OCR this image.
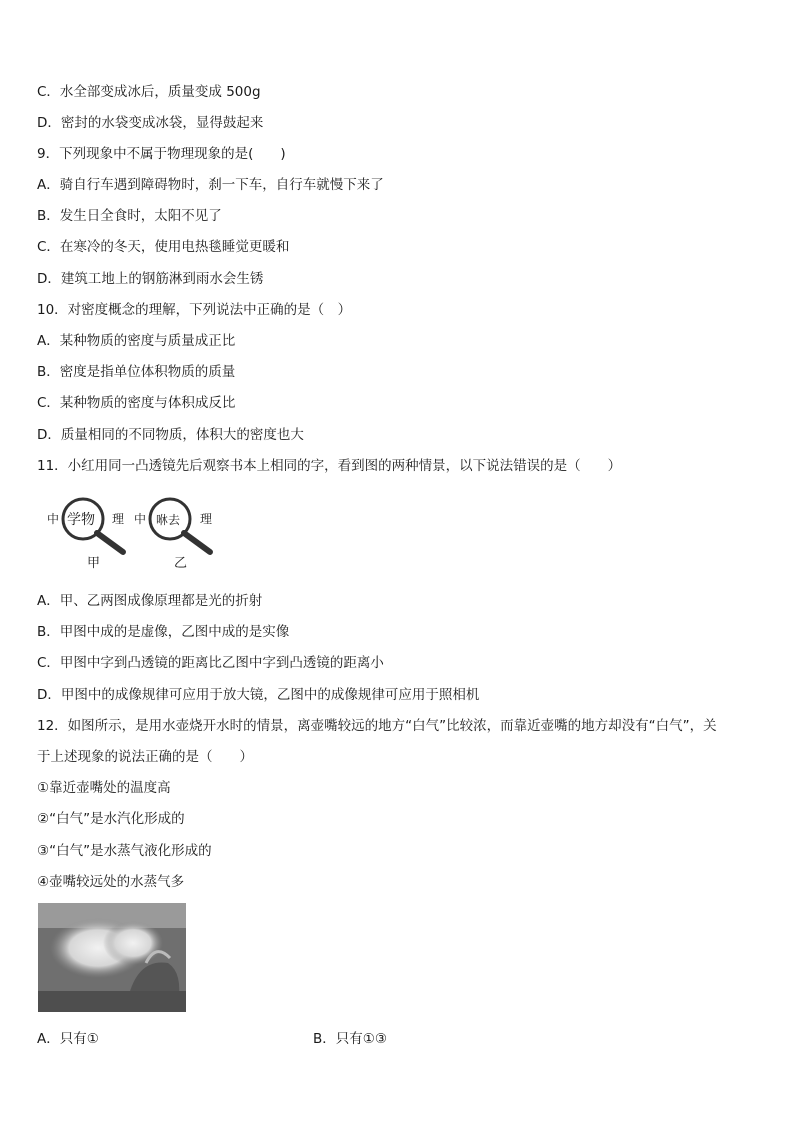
C．水全部变成冰后，质量变成 500g
D．密封的水袋变成冰袋，显得鼓起来
9．下列现象中不属于物理现象的是(　　)
A．骑自行车遇到障碍物时，刹一下车，自行车就慢下来了
B．发生日全食时，太阳不见了
C．在寒冷的冬天，使用电热毯睡觉更暖和
D．建筑工地上的钢筋淋到雨水会生锈
10．对密度概念的理解，下列说法中正确的是（　）
A．某种物质的密度与质量成正比
B．密度是指单位体积物质的质量
C．某种物质的密度与体积成反比
D．质量相同的不同物质，体积大的密度也大
11．小红用同一凸透镜先后观察书本上相同的字，看到图的两种情景，以下说法错误的是（　　）
中 学物 理
甲
中 咻去 理
乙
A．甲、乙两图成像原理都是光的折射
B．甲图中成的是虚像，乙图中成的是实像
C．甲图中字到凸透镜的距离比乙图中字到凸透镜的距离小
D．甲图中的成像规律可应用于放大镜，乙图中的成像规律可应用于照相机
12．如图所示，是用水壶烧开水时的情景，离壶嘴较远的地方“白气”比较浓，而靠近壶嘴的地方却没有“白气”，关
于上述现象的说法正确的是（　　）
①靠近壶嘴处的温度高
②“白气”是水汽化形成的
③“白气”是水蒸气液化形成的
④壶嘴较远处的水蒸气多
A．只有①	B．只有①③
